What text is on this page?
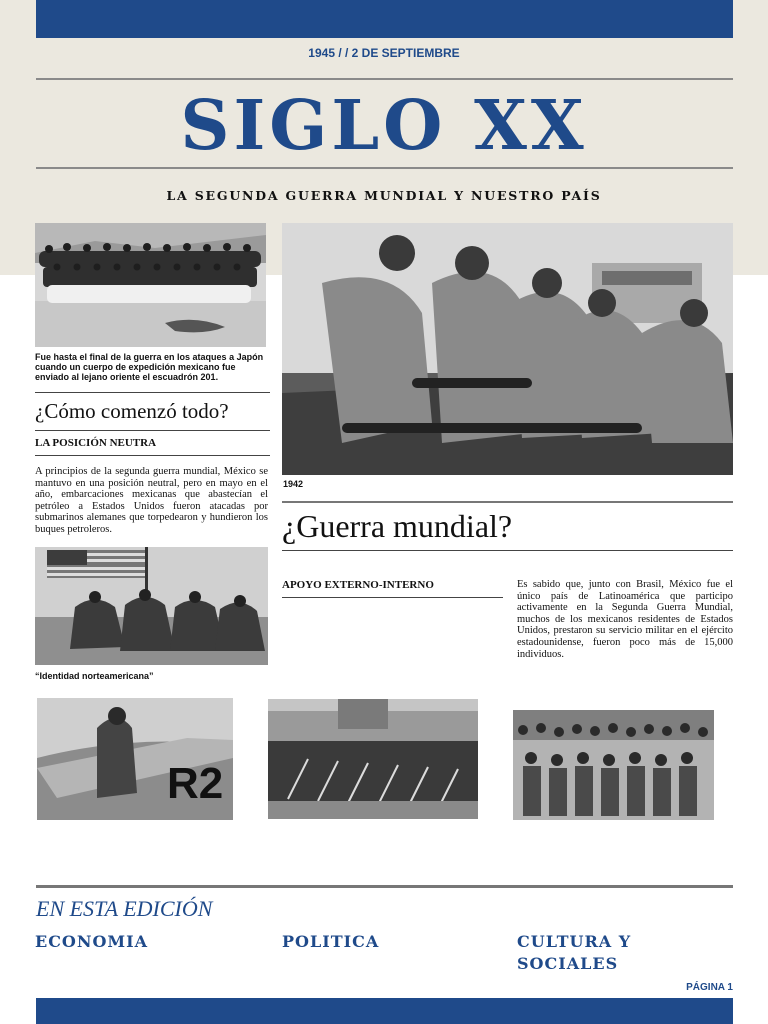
1945 / / 2 DE SEPTIEMBRE
SIGLO XX
LA SEGUNDA GUERRA MUNDIAL Y NUESTRO PAÍS
Fue hasta el final de la guerra en los ataques a Japón cuando un cuerpo de expedición mexicano fue enviado al lejano oriente el escuadrón 201.
1942
¿Cómo comenzó todo?
LA POSICIÓN NEUTRA
A principios de la segunda guerra mundial, México se mantuvo en una posición neutral, pero en mayo en el año, embarcaciones mexicanas que abastecían el petróleo a Estados Unidos fueron atacadas por submarinos alemanes que torpedearon y hundieron los buques petroleros.
“Identidad norteamericana”
¿Guerra mundial?
APOYO EXTERNO-INTERNO	Es sabido que, junto con Brasil, México fue el único país de Latinoamérica que participo activamente en la Segunda Guerra Mundial, muchos de los mexicanos residentes de Estados Unidos, prestaron su servicio militar en el ejército estadounidense, fueron poco más de 15,000 individuos.
R2
EN ESTA EDICIÓN
ECONOMIA	POLITICA	CULTURA Y SOCIALES
PÁGINA 1
